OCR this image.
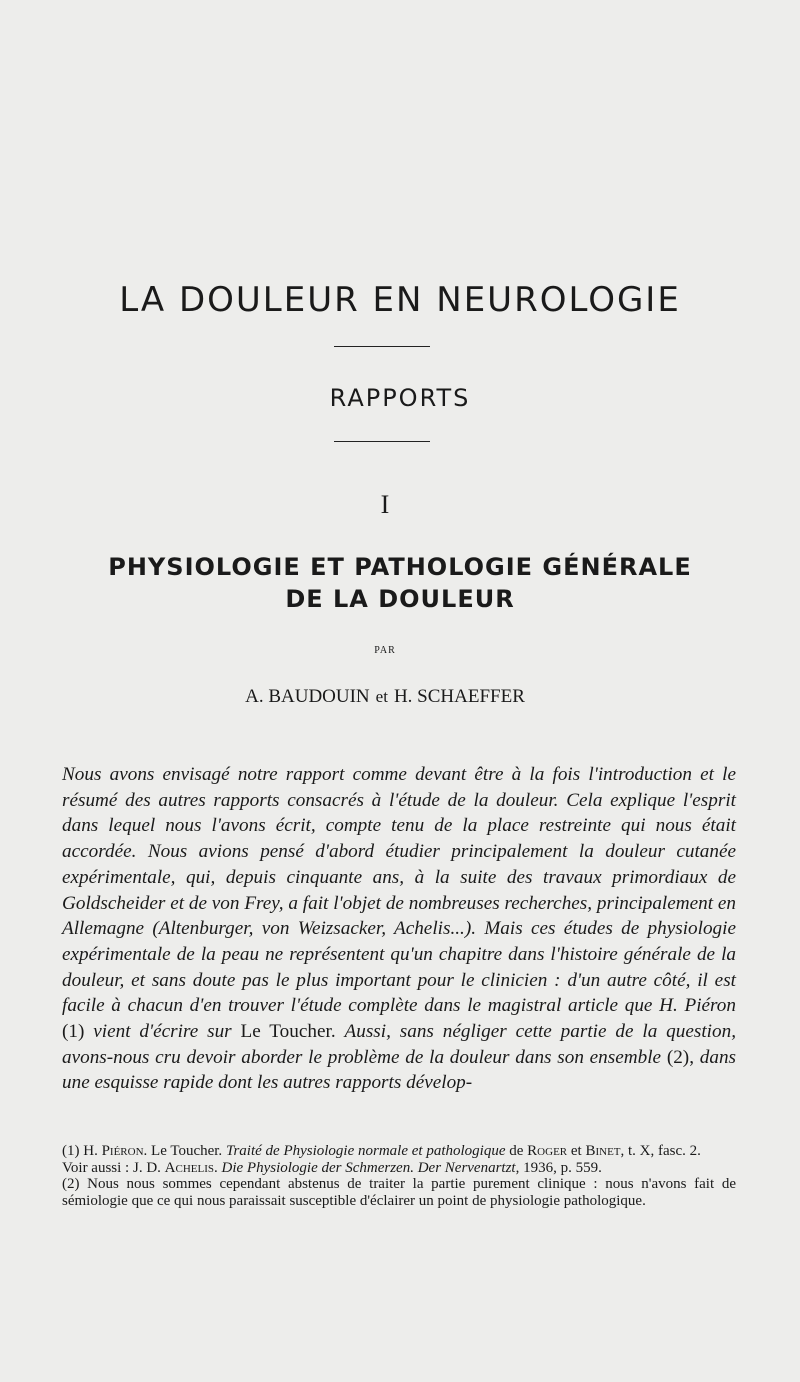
LA DOULEUR EN NEUROLOGIE
RAPPORTS
I
PHYSIOLOGIE ET PATHOLOGIE GÉNÉRALE
DE LA DOULEUR
PAR
A. BAUDOUIN et H. SCHAEFFER
Nous avons envisagé notre rapport comme devant être à la fois l'introduction et le résumé des autres rapports consacrés à l'étude de la douleur. Cela explique l'esprit dans lequel nous l'avons écrit, compte tenu de la place restreinte qui nous était accordée. Nous avions pensé d'abord étudier principalement la douleur cutanée expérimentale, qui, depuis cinquante ans, à la suite des travaux primordiaux de Goldscheider et de von Frey, a fait l'objet de nombreuses recherches, principalement en Allemagne (Altenburger, von Weizsacker, Achelis...). Mais ces études de physiologie expérimentale de la peau ne représentent qu'un chapitre dans l'histoire générale de la douleur, et sans doute pas le plus important pour le clinicien : d'un autre côté, il est facile à chacun d'en trouver l'étude complète dans le magistral article que H. Piéron (1) vient d'écrire sur Le Toucher. Aussi, sans négliger cette partie de la question, avons-nous cru devoir aborder le problème de la douleur dans son ensemble (2), dans une esquisse rapide dont les autres rapports dévelop-

(1) H. Piéron. Le Toucher. Traité de Physiologie normale et pathologique de Roger et Binet, t. X, fasc. 2.

Voir aussi : J. D. Achelis. Die Physiologie der Schmerzen. Der Nervenartzt, 1936, p. 559.

(2) Nous nous sommes cependant abstenus de traiter la partie purement clinique : nous n'avons fait de sémiologie que ce qui nous paraissait susceptible d'éclairer un point de physiologie pathologique.
